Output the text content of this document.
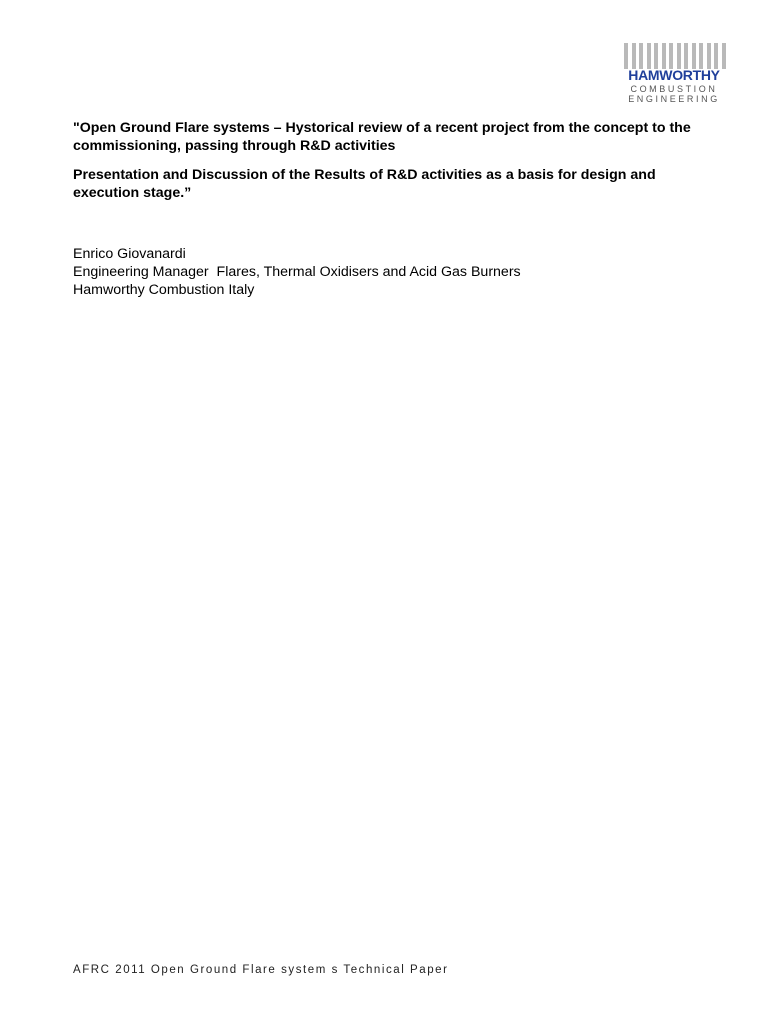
HAMWORTHY
COMBUSTION
ENGINEERING

"Open Ground Flare systems – Hystorical review of a recent project from the concept to the commissioning, passing through R&D activities

Presentation and Discussion of the Results of R&D activities as a basis for design and execution stage.”

Enrico Giovanardi
Engineering Manager  Flares, Thermal Oxidisers and Acid Gas Burners
Hamworthy Combustion Italy
AFRC 2011 Open Ground Flare system s Technical Paper
